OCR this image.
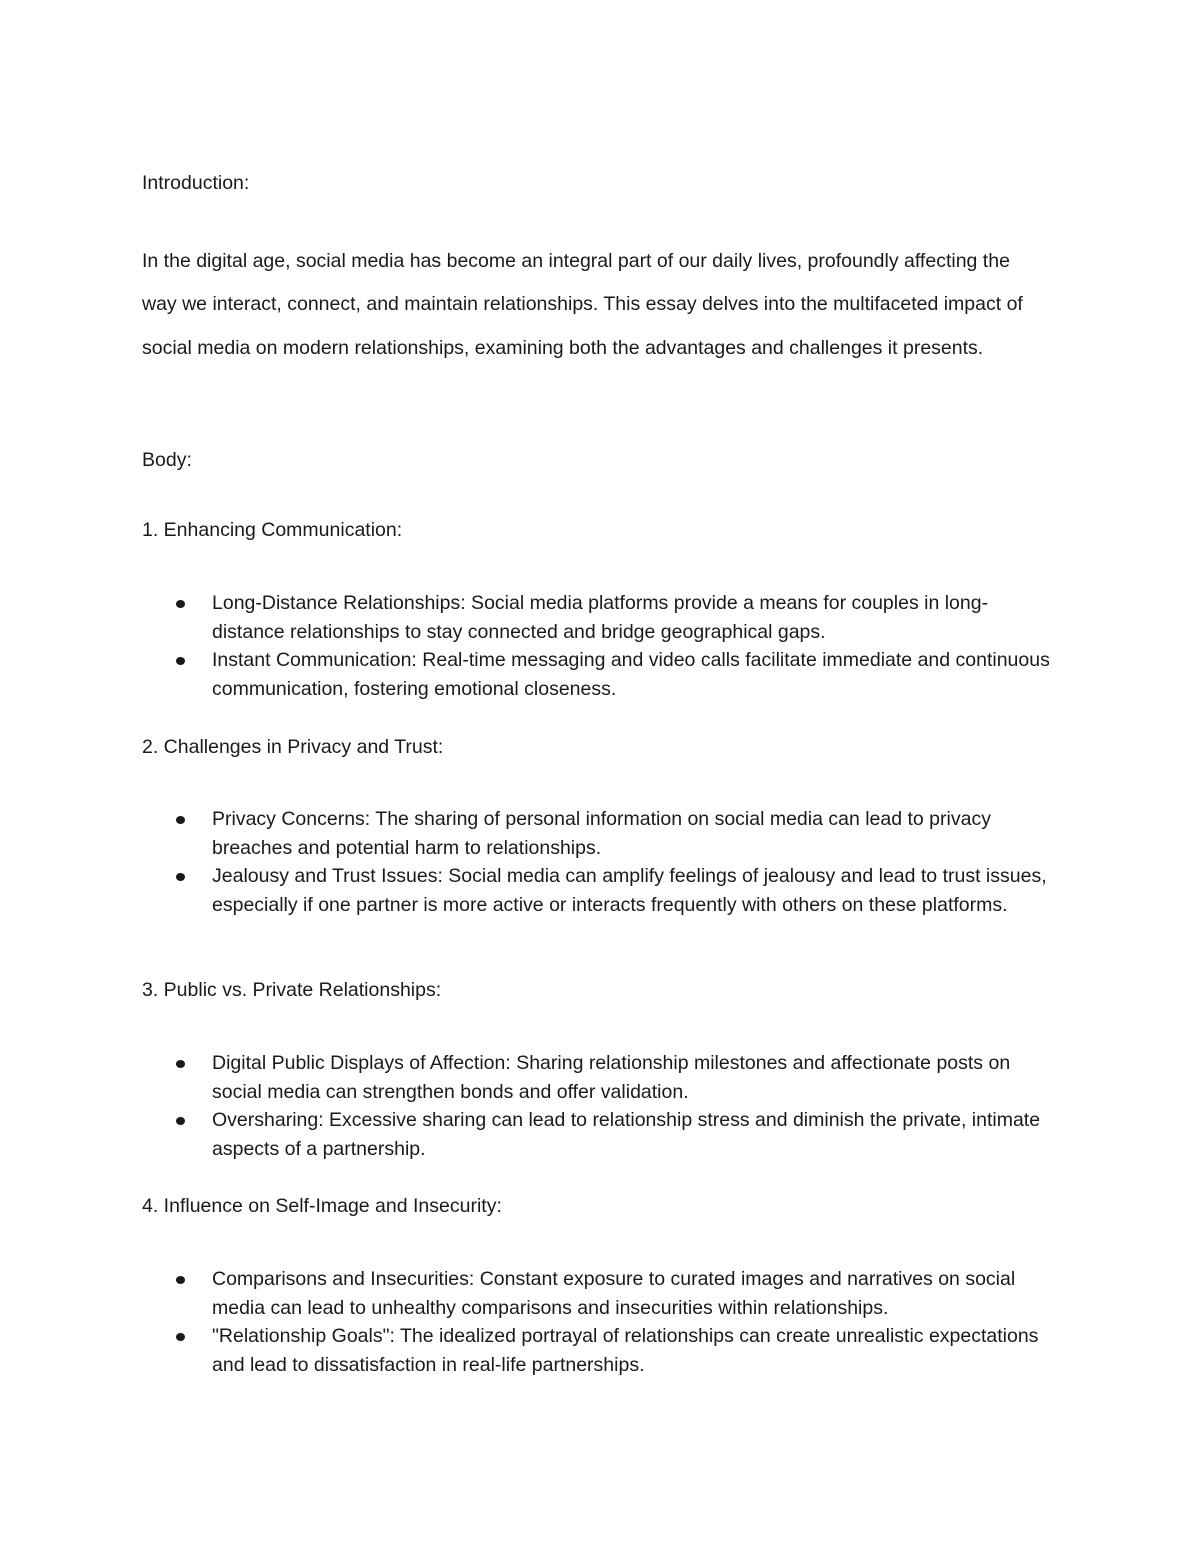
Introduction:

In the digital age, social media has become an integral part of our daily lives, profoundly affecting the way we interact, connect, and maintain relationships. This essay delves into the multifaceted impact of social media on modern relationships, examining both the advantages and challenges it presents.

Body:

1. Enhancing Communication:

Long-Distance Relationships: Social media platforms provide a means for couples in long-distance relationships to stay connected and bridge geographical gaps.
Instant Communication: Real-time messaging and video calls facilitate immediate and continuous communication, fostering emotional closeness.

2. Challenges in Privacy and Trust:

Privacy Concerns: The sharing of personal information on social media can lead to privacy breaches and potential harm to relationships.
Jealousy and Trust Issues: Social media can amplify feelings of jealousy and lead to trust issues, especially if one partner is more active or interacts frequently with others on these platforms.

3. Public vs. Private Relationships:

Digital Public Displays of Affection: Sharing relationship milestones and affectionate posts on social media can strengthen bonds and offer validation.
Oversharing: Excessive sharing can lead to relationship stress and diminish the private, intimate aspects of a partnership.

4. Influence on Self-Image and Insecurity:

Comparisons and Insecurities: Constant exposure to curated images and narratives on social media can lead to unhealthy comparisons and insecurities within relationships.
"Relationship Goals": The idealized portrayal of relationships can create unrealistic expectations and lead to dissatisfaction in real-life partnerships.
